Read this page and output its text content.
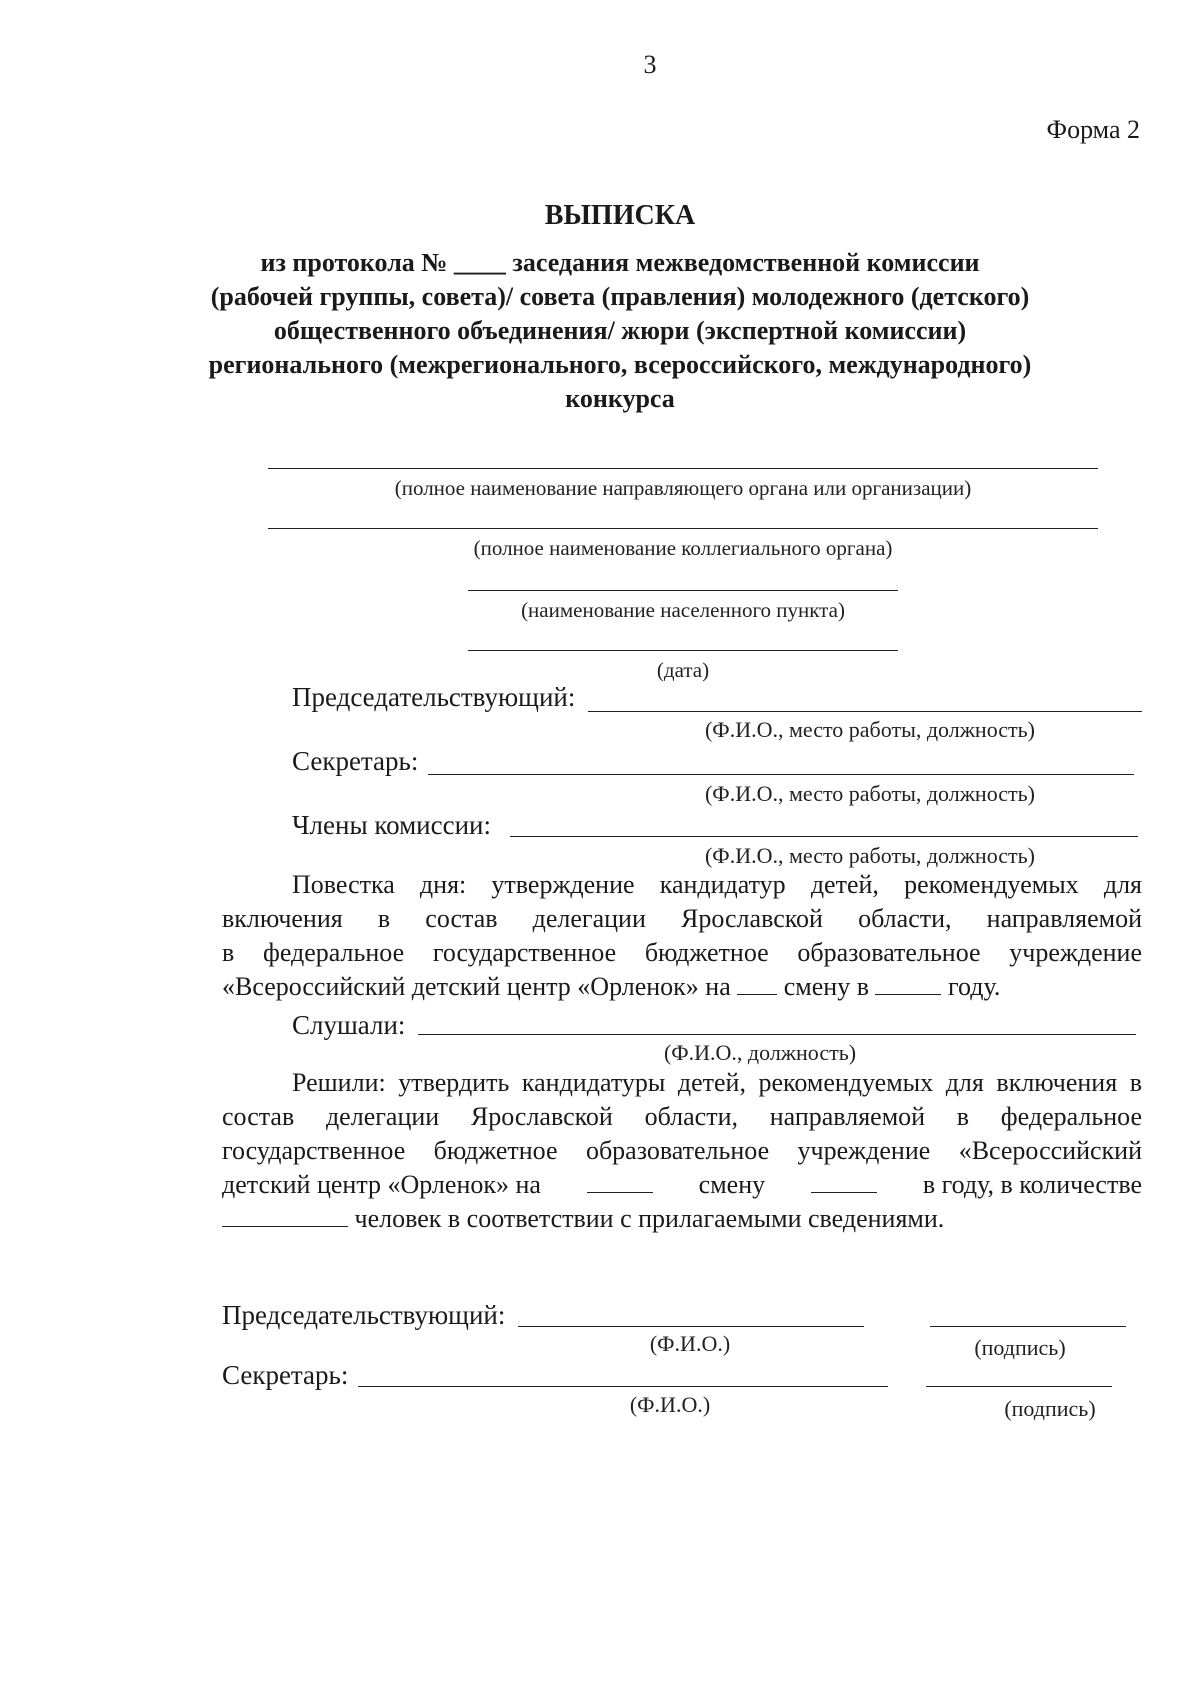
3
Форма 2
ВЫПИСКА
из протокола № ____ заседания межведомственной комиссии
(рабочей группы, совета)/ совета (правления) молодежного (детского)
общественного объединения/ жюри (экспертной комиссии)
регионального (межрегионального, всероссийского, международного)
конкурса
(полное наименование направляющего органа или организации)
(полное наименование коллегиального органа)
(наименование населенного пункта)
(дата)
Председательствующий:
(Ф.И.О., место работы, должность)
Секретарь:
(Ф.И.О., место работы, должность)
Члены комиссии:
(Ф.И.О., место работы, должность)
Повестка дня: утверждение кандидатур детей, рекомендуемых для
включения в состав делегации Ярославской области, направляемой
в федеральное государственное бюджетное образовательное учреждение
«Всероссийский детский центр «Орленок» на смену в	году.
Слушали:
(Ф.И.О., должность)
Решили: утвердить кандидатуры детей, рекомендуемых для включения в
состав делегации Ярославской области, направляемой в федеральное
государственное бюджетное образовательное учреждение «Всероссийский
детский центр «Орленок» на	смену	в году, в количестве
человек в соответствии с прилагаемыми сведениями.
Председательствующий:
(Ф.И.О.)	(подпись)
Секретарь:
(Ф.И.О.)	(подпись)
